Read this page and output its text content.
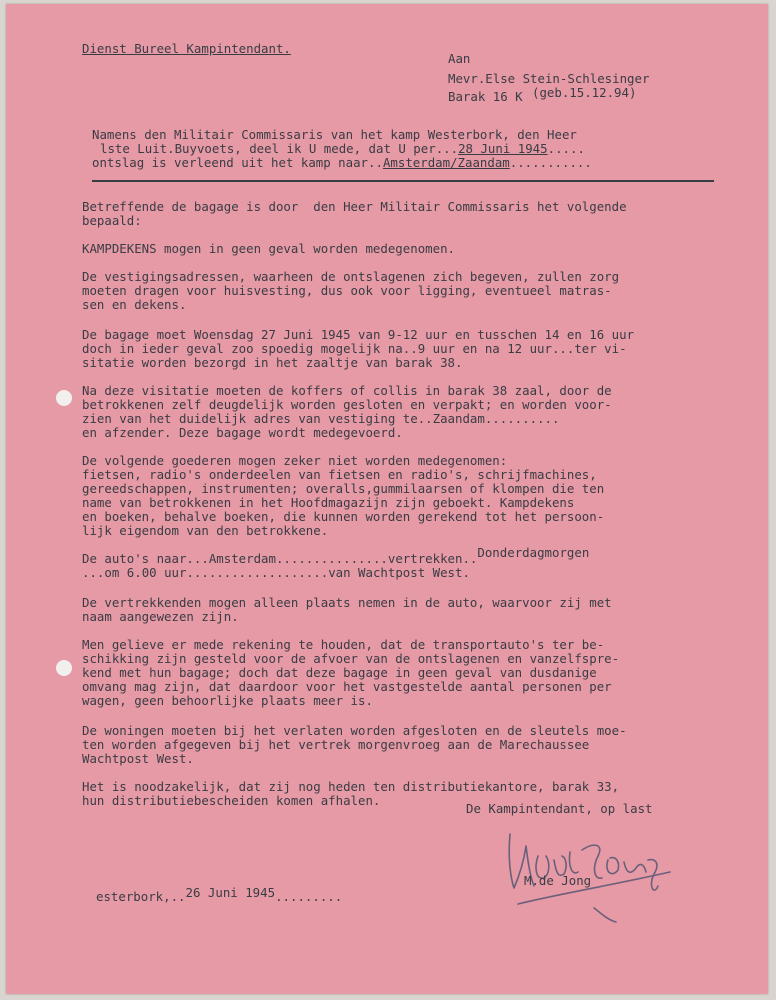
Dienst Bureel Kampintendant.
Aan
Mevr.Else Stein-Schlesinger
Barak 16 K (geb.15.12.94)
Namens den Militair Commissaris van het kamp Westerbork, den Heer
lste Luit.Buyvoets, deel ik U mede, dat U per...28 Juni 1945.....
ontslag is verleend uit het kamp naar..Amsterdam/Zaandam...........
Betreffende de bagage is door  den Heer Militair Commissaris het volgende
bepaald:
KAMPDEKENS mogen in geen geval worden medegenomen.
De vestigingsadressen, waarheen de ontslagenen zich begeven, zullen zorg
moeten dragen voor huisvesting, dus ook voor ligging, eventueel matras-
sen en dekens.
De bagage moet Woensdag 27 Juni 1945 van 9-12 uur en tusschen 14 en 16 uur
doch in ieder geval zoo spoedig mogelijk na..9 uur en na 12 uur...ter vi-
sitatie worden bezorgd in het zaaltje van barak 38.
Na deze visitatie moeten de koffers of collis in barak 38 zaal, door de
betrokkenen zelf deugdelijk worden gesloten en verpakt; en worden voor-
zien van het duidelijk adres van vestiging te..Zaandam..........
en afzender. Deze bagage wordt medegevoerd.
De volgende goederen mogen zeker niet worden medegenomen:
fietsen, radio's onderdeelen van fietsen en radio's, schrijfmachines,
gereedschappen, instrumenten; overalls,gummilaarsen of klompen die ten
name van betrokkenen in het Hoofdmagazijn zijn geboekt. Kampdekens
en boeken, behalve boeken, die kunnen worden gerekend tot het persoon-
lijk eigendom van den betrokkene.
De auto's naar...Amsterdam...............vertrekken..Donderdagmorgen
...om 6.00 uur...................van Wachtpost West.
De vertrekkenden mogen alleen plaats nemen in de auto, waarvoor zij met
naam aangewezen zijn.
Men gelieve er mede rekening te houden, dat de transportauto's ter be-
schikking zijn gesteld voor de afvoer van de ontslagenen en vanzelfspre-
kend met hun bagage; doch dat deze bagage in geen geval van dusdanige
omvang mag zijn, dat daardoor voor het vastgestelde aantal personen per
wagen, geen behoorlijke plaats meer is.
De woningen moeten bij het verlaten worden afgesloten en de sleutels moe-
ten worden afgegeven bij het vertrek morgenvroeg aan de Marechaussee
Wachtpost West.
Het is noodzakelijk, dat zij nog heden ten distributiekantore, barak 33,
hun distributiebescheiden komen afhalen.
De Kampintendant, op last
M.de Jong
esterbork,..26 Juni 1945.........
